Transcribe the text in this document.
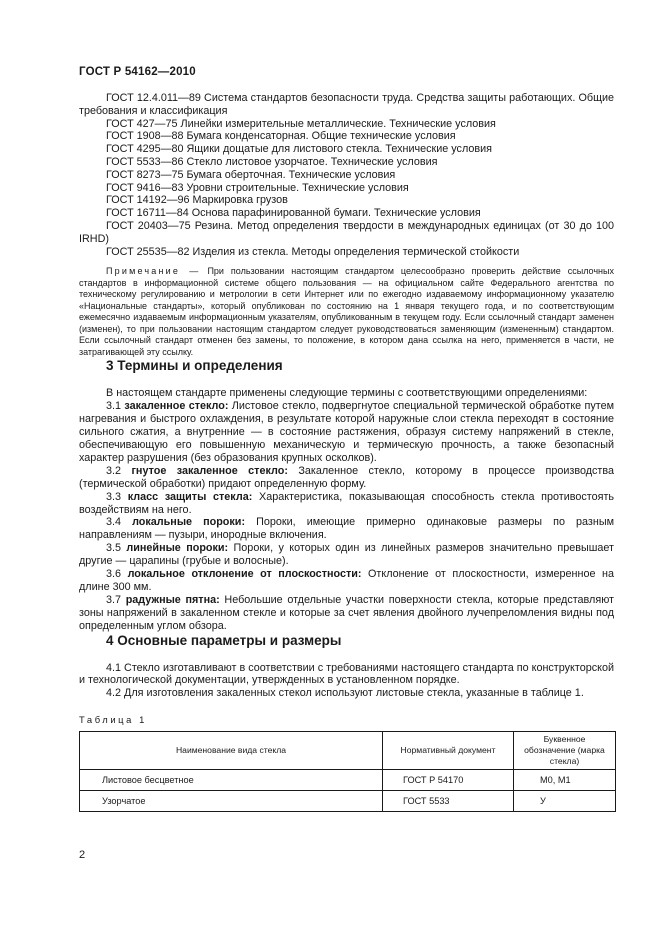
ГОСТ Р 54162—2010
ГОСТ 12.4.011—89 Система стандартов безопасности труда. Средства защиты работающих. Общие требования и классификация
ГОСТ 427—75 Линейки измерительные металлические. Технические условия
ГОСТ 1908—88 Бумага конденсаторная. Общие технические условия
ГОСТ 4295—80 Ящики дощатые для листового стекла. Технические условия
ГОСТ 5533—86 Стекло листовое узорчатое. Технические условия
ГОСТ 8273—75 Бумага оберточная. Технические условия
ГОСТ 9416—83 Уровни строительные. Технические условия
ГОСТ 14192—96 Маркировка грузов
ГОСТ 16711—84 Основа парафинированной бумаги. Технические условия
ГОСТ 20403—75 Резина. Метод определения твердости в международных единицах (от 30 до 100 IRHD)
ГОСТ 25535—82 Изделия из стекла. Методы определения термической стойкости
Примечание — При пользовании настоящим стандартом целесообразно проверить действие ссылочных стандартов в информационной системе общего пользования — на официальном сайте Федерального агентства по техническому регулированию и метрологии в сети Интернет или по ежегодно издаваемому информационному указателю «Национальные стандарты», который опубликован по состоянию на 1 января текущего года, и по соответствующим ежемесячно издаваемым информационным указателям, опубликованным в текущем году. Если ссылочный стандарт заменен (изменен), то при пользовании настоящим стандартом следует руководствоваться заменяющим (измененным) стандартом. Если ссылочный стандарт отменен без замены, то положение, в котором дана ссылка на него, применяется в части, не затрагивающей эту ссылку.
3 Термины и определения
В настоящем стандарте применены следующие термины с соответствующими определениями:
3.1 закаленное стекло: Листовое стекло, подвергнутое специальной термической обработке путем нагревания и быстрого охлаждения, в результате которой наружные слои стекла переходят в состояние сильного сжатия, а внутренние — в состояние растяжения, образуя систему напряжений в стекле, обеспечивающую его повышенную механическую и термическую прочность, а также безопасный характер разрушения (без образования крупных осколков).
3.2 гнутое закаленное стекло: Закаленное стекло, которому в процессе производства (термической обработки) придают определенную форму.
3.3 класс защиты стекла: Характеристика, показывающая способность стекла противостоять воздействиям на него.
3.4 локальные пороки: Пороки, имеющие примерно одинаковые размеры по разным направлениям — пузыри, инородные включения.
3.5 линейные пороки: Пороки, у которых один из линейных размеров значительно превышает другие — царапины (грубые и волосные).
3.6 локальное отклонение от плоскостности: Отклонение от плоскостности, измеренное на длине 300 мм.
3.7 радужные пятна: Небольшие отдельные участки поверхности стекла, которые представляют зоны напряжений в закаленном стекле и которые за счет явления двойного лучепреломления видны под определенным углом обзора.
4 Основные параметры и размеры
4.1 Стекло изготавливают в соответствии с требованиями настоящего стандарта по конструкторской и технологической документации, утвержденных в установленном порядке.
4.2 Для изготовления закаленных стекол используют листовые стекла, указанные в таблице 1.
Таблица 1
Наименование вида стекла	Нормативный документ	Буквенное обозначение (марка стекла)
Листовое бесцветное	ГОСТ Р 54170	М0, М1
Узорчатое	ГОСТ 5533	У
2
